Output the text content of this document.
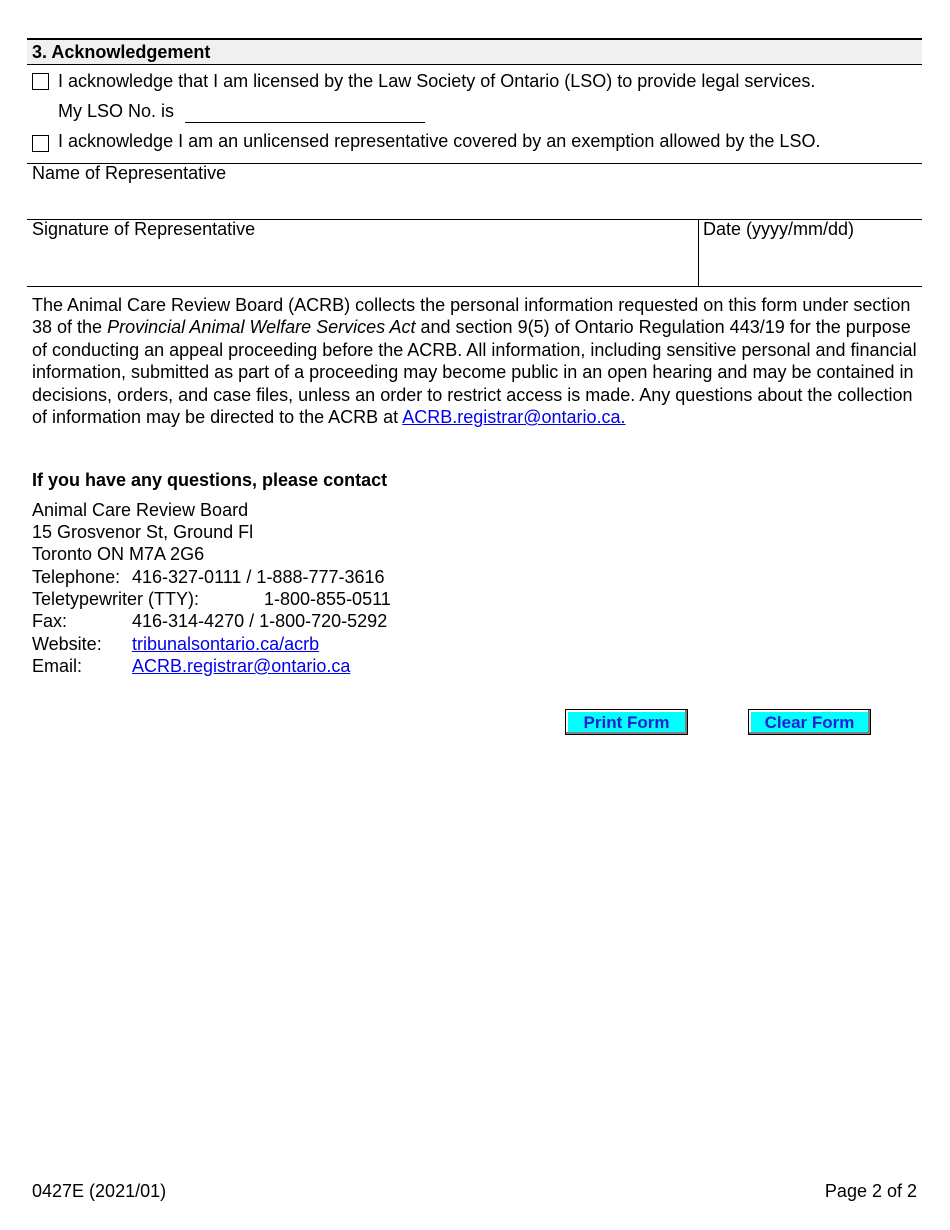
3. Acknowledgement
I acknowledge that I am licensed by the Law Society of Ontario (LSO) to provide legal services.
My LSO No. is
I acknowledge I am an unlicensed representative covered by an exemption allowed by the LSO.
Name of Representative
Signature of Representative	Date (yyyy/mm/dd)
The Animal Care Review Board (ACRB) collects the personal information requested on this form under section 38 of the Provincial Animal Welfare Services Act and section 9(5) of Ontario Regulation 443/19 for the purpose of conducting an appeal proceeding before the ACRB. All information, including sensitive personal and financial information, submitted as part of a proceeding may become public in an open hearing and may be contained in decisions, orders, and case files, unless an order to restrict access is made. Any questions about the collection of information may be directed to the ACRB at ACRB.registrar@ontario.ca.
If you have any questions, please contact
Animal Care Review Board
15 Grosvenor St, Ground Fl
Toronto ON M7A 2G6
Telephone: 416-327-0111 / 1-888-777-3616
Teletypewriter (TTY):	1-800-855-0511
Fax:	416-314-4270 / 1-800-720-5292
Website: tribunalsontario.ca/acrb
Email:	ACRB.registrar@ontario.ca
Print Form	Clear Form
0427E (2021/01)	Page 2 of 2
